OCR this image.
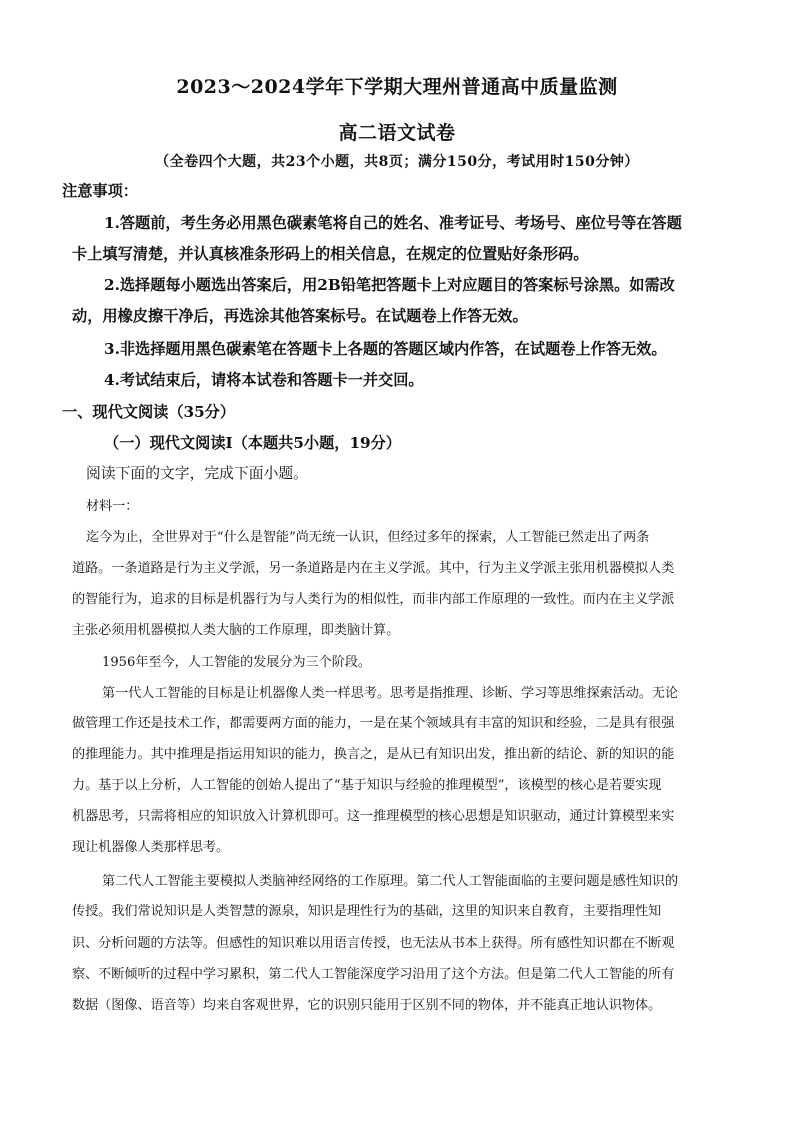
2023～2024学年下学期大理州普通高中质量监测
高二语文试卷
（全卷四个大题，共23个小题，共8页；满分150分，考试用时150分钟）
注意事项：
1.答题前，考生务必用黑色碳素笔将自己的姓名、准考证号、考场号、座位号等在答题
卡上填写清楚，并认真核准条形码上的相关信息，在规定的位置贴好条形码。
2.选择题每小题选出答案后，用2B铅笔把答题卡上对应题目的答案标号涂黑。如需改
动，用橡皮擦干净后，再选涂其他答案标号。在试题卷上作答无效。
3.非选择题用黑色碳素笔在答题卡上各题的答题区域内作答，在试题卷上作答无效。
4.考试结束后，请将本试卷和答题卡一并交回。
一、现代文阅读（35分）
（一）现代文阅读Ⅰ（本题共5小题，19分）
阅读下面的文字，完成下面小题。
材料一：
迄今为止，全世界对于“什么是智能”尚无统一认识，但经过多年的探索，人工智能已然走出了两条
道路。一条道路是行为主义学派，另一条道路是内在主义学派。其中，行为主义学派主张用机器模拟人类
的智能行为，追求的目标是机器行为与人类行为的相似性，而非内部工作原理的一致性。而内在主义学派
主张必须用机器模拟人类大脑的工作原理，即类脑计算。
1956年至今，人工智能的发展分为三个阶段。
第一代人工智能的目标是让机器像人类一样思考。思考是指推理、诊断、学习等思维探索活动。无论
做管理工作还是技术工作，都需要两方面的能力，一是在某个领域具有丰富的知识和经验，二是具有很强
的推理能力。其中推理是指运用知识的能力，换言之，是从已有知识出发，推出新的结论、新的知识的能
力。基于以上分析，人工智能的创始人提出了“基于知识与经验的推理模型”，该模型的核心是若要实现
机器思考，只需将相应的知识放入计算机即可。这一推理模型的核心思想是知识驱动，通过计算模型来实
现让机器像人类那样思考。
第二代人工智能主要模拟人类脑神经网络的工作原理。第二代人工智能面临的主要问题是感性知识的
传授。我们常说知识是人类智慧的源泉，知识是理性行为的基础，这里的知识来自教育，主要指理性知
识、分析问题的方法等。但感性的知识难以用语言传授，也无法从书本上获得。所有感性知识都在不断观
察、不断倾听的过程中学习累积，第二代人工智能深度学习沿用了这个方法。但是第二代人工智能的所有
数据（图像、语音等）均来自客观世界，它的识别只能用于区别不同的物体，并不能真正地认识物体。
